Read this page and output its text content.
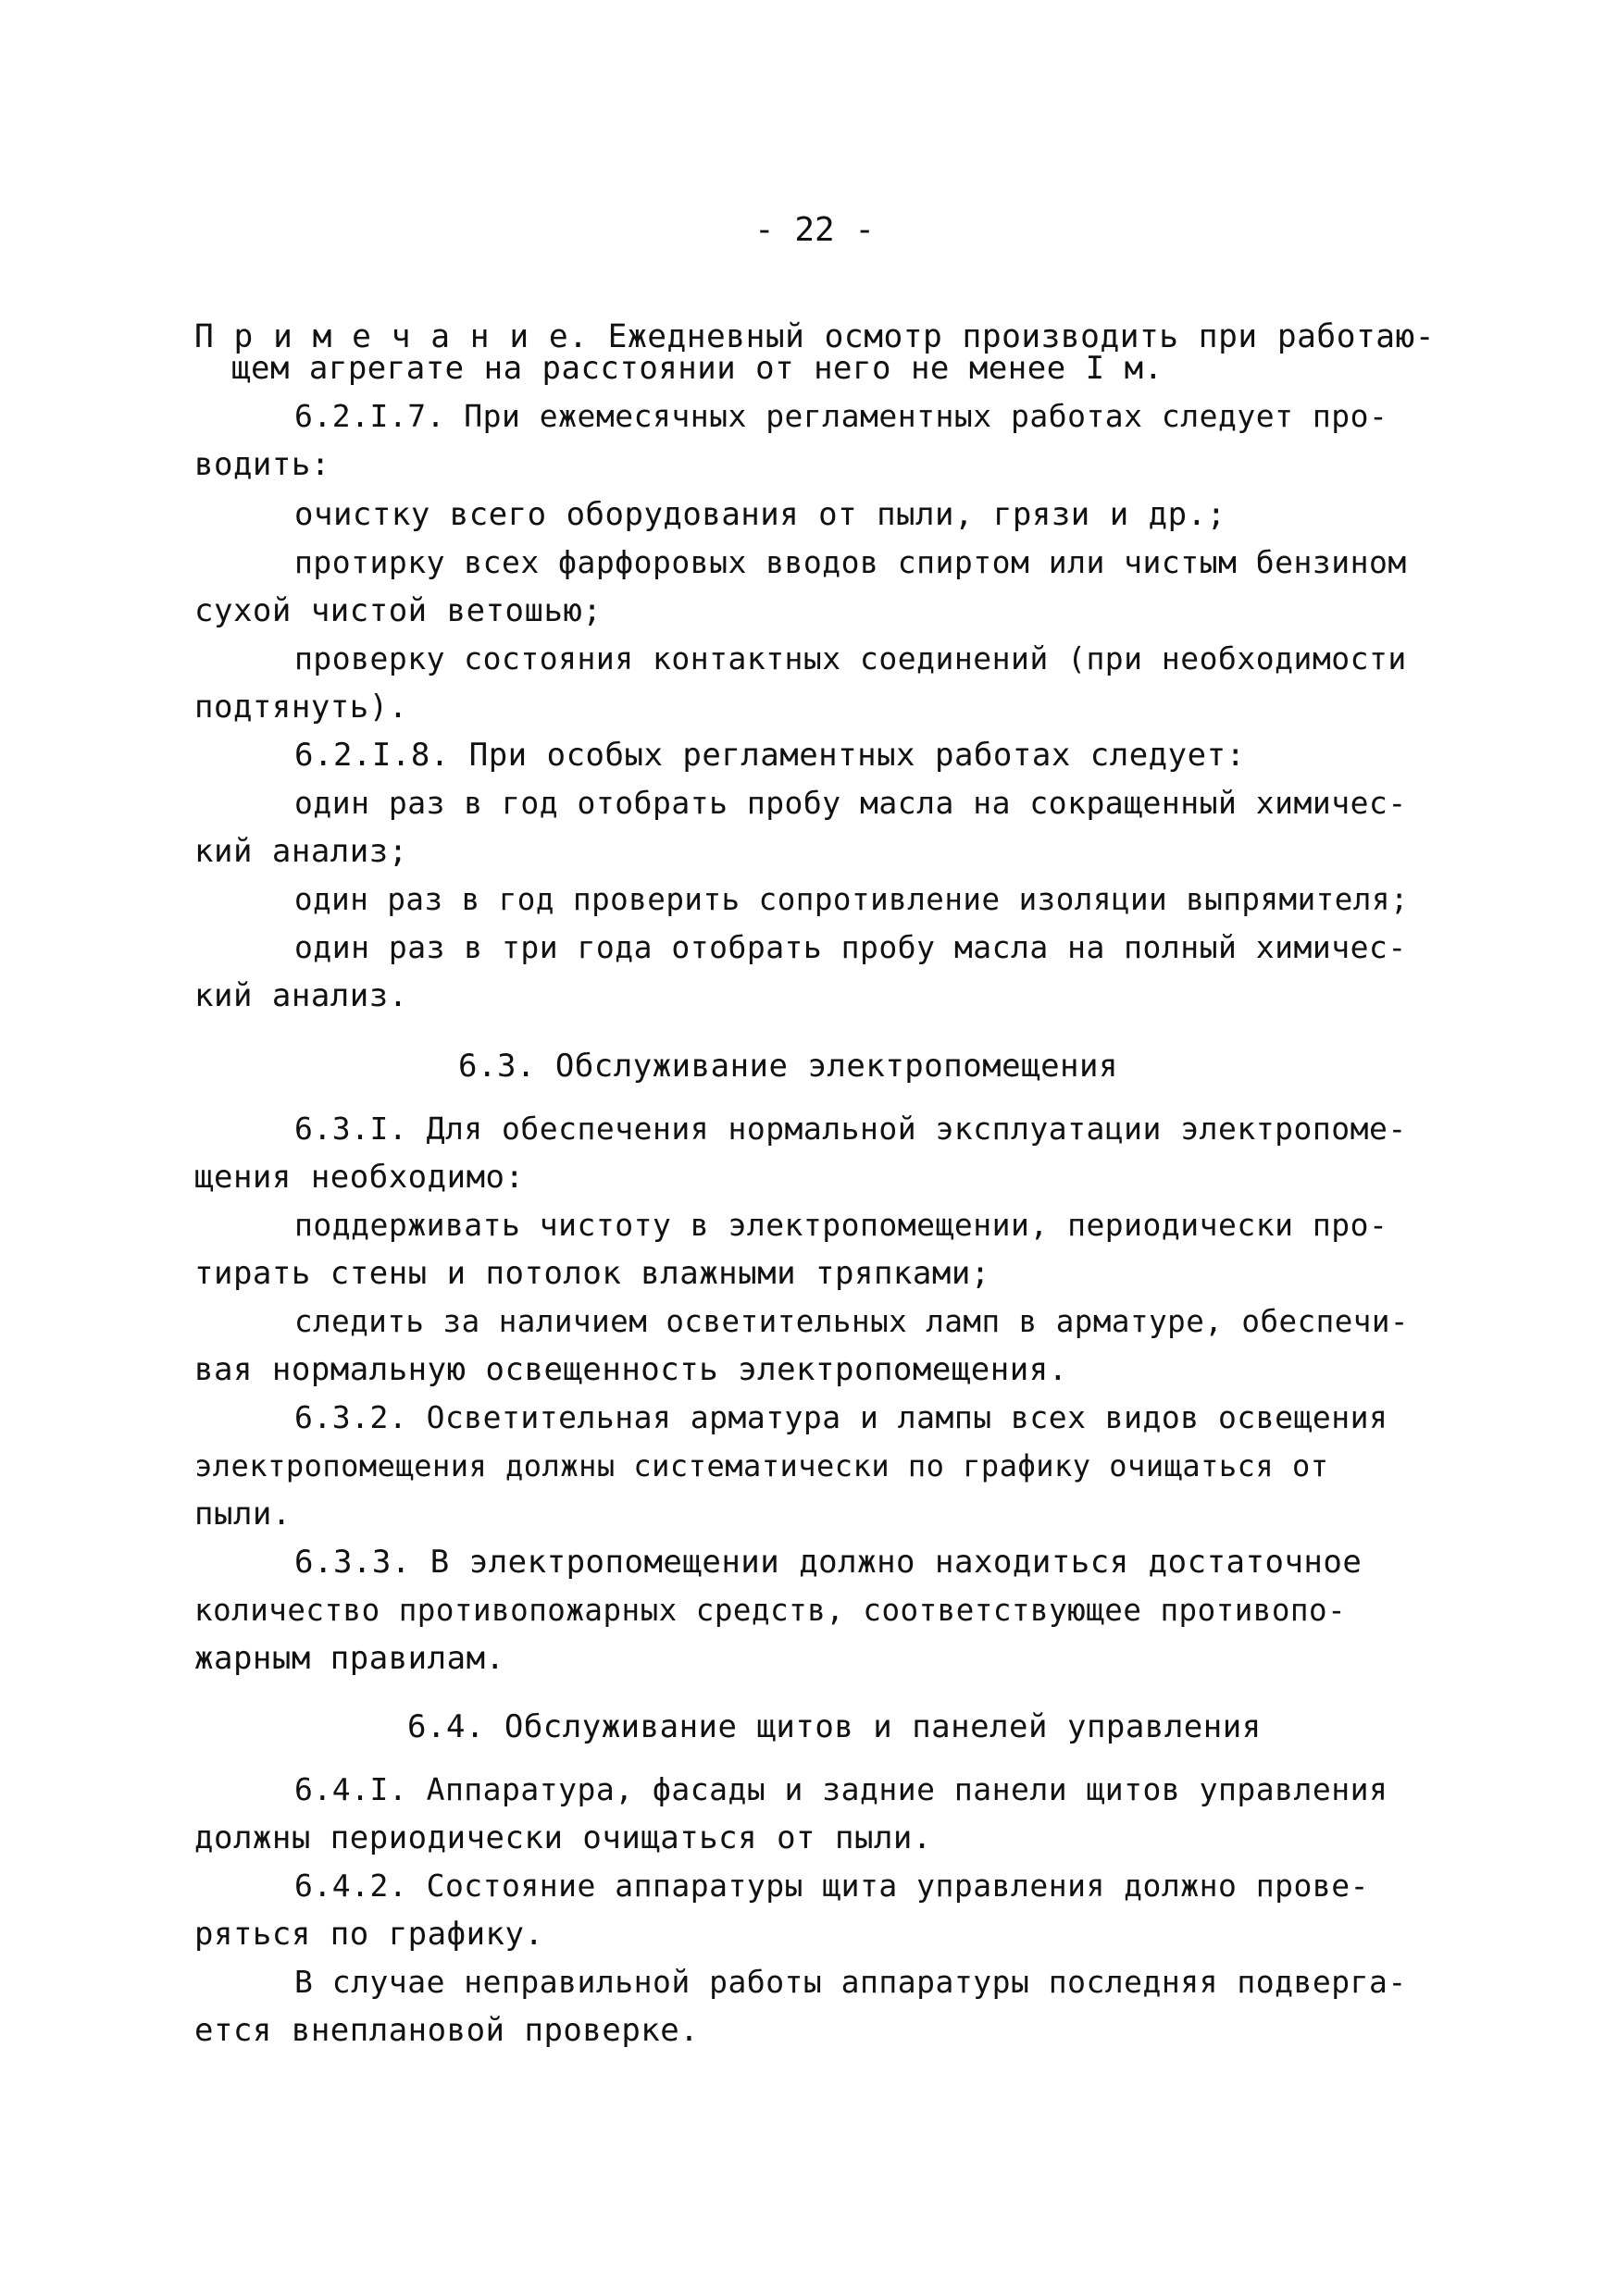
- 22 -
П р и м е ч а н и е. Ежедневный осмотр производить при работаю-
щем агрегате на расстоянии от него не менее I м.
6.2.I.7. При ежемесячных регламентных работах следует про-
водить:
очистку всего оборудования от пыли, грязи и др.;
протирку всех фарфоровых вводов спиртом или чистым бензином
сухой чистой ветошью;
проверку состояния контактных соединений (при необходимости
подтянуть).
6.2.I.8. При особых регламентных работах следует:
один раз в год отобрать пробу масла на сокращенный химичес-
кий анализ;
один раз в год проверить сопротивление изоляции выпрямителя;
один раз в три года отобрать пробу масла на полный химичес-
кий анализ.
6.3. Обслуживание электропомещения
6.3.I. Для обеспечения нормальной эксплуатации электропоме-
щения необходимо:
поддерживать чистоту в электропомещении, периодически про-
тирать стены и потолок влажными тряпками;
следить за наличием осветительных ламп в арматуре, обеспечи-
вая нормальную освещенность электропомещения.
6.3.2. Осветительная арматура и лампы всех видов освещения
электропомещения должны систематически по графику очищаться от
пыли.
6.3.3. В электропомещении должно находиться достаточное
количество противопожарных средств, соответствующее противопо-
жарным правилам.
6.4. Обслуживание щитов и панелей управления
6.4.I. Аппаратура, фасады и задние панели щитов управления
должны периодически очищаться от пыли.
6.4.2. Состояние аппаратуры щита управления должно прове-
ряться по графику.
В случае неправильной работы аппаратуры последняя подверга-
ется внеплановой проверке.
